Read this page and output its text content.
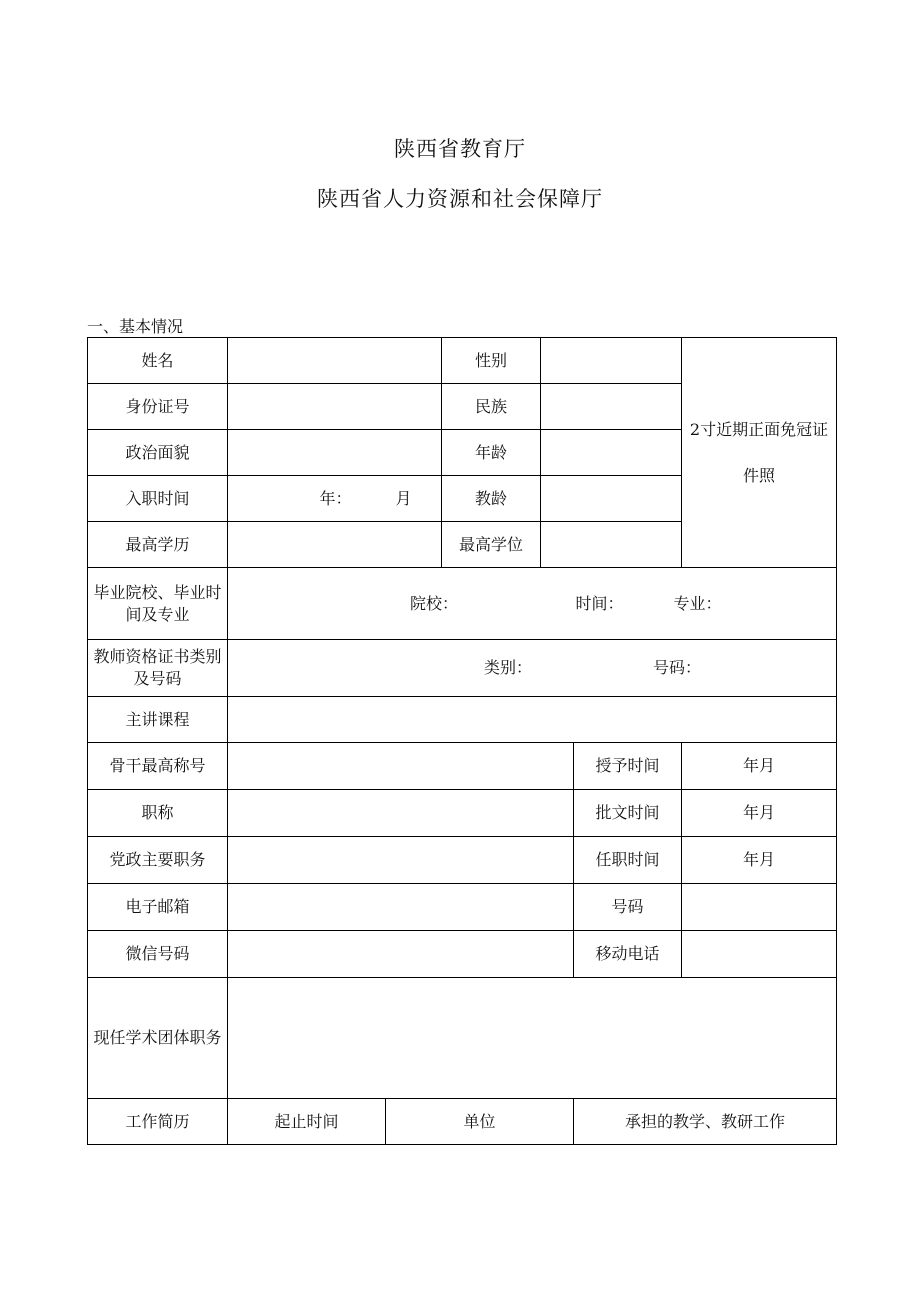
陕西省教育厅
陕西省人力资源和社会保障厅
一、基本情况
姓名			性别			2寸近期正面免冠证件照

身份证号			民族			
政治面貌			年龄			
入职时间	年： 月		教龄			
最高学历			最高学位			
毕业院校、毕业时间及专业	院校： 时间： 专业：					
教师资格证书类别及号码	类别： 号码：					
主讲课程						
骨干最高称号					授予时间	年月
职称					批文时间	年月
党政主要职务					任职时间	年月
电子邮箱					号码	
微信号码					移动电话	
现任学术团体职务						
工作简历	起止时间	单位			承担的教学、教研工作	
